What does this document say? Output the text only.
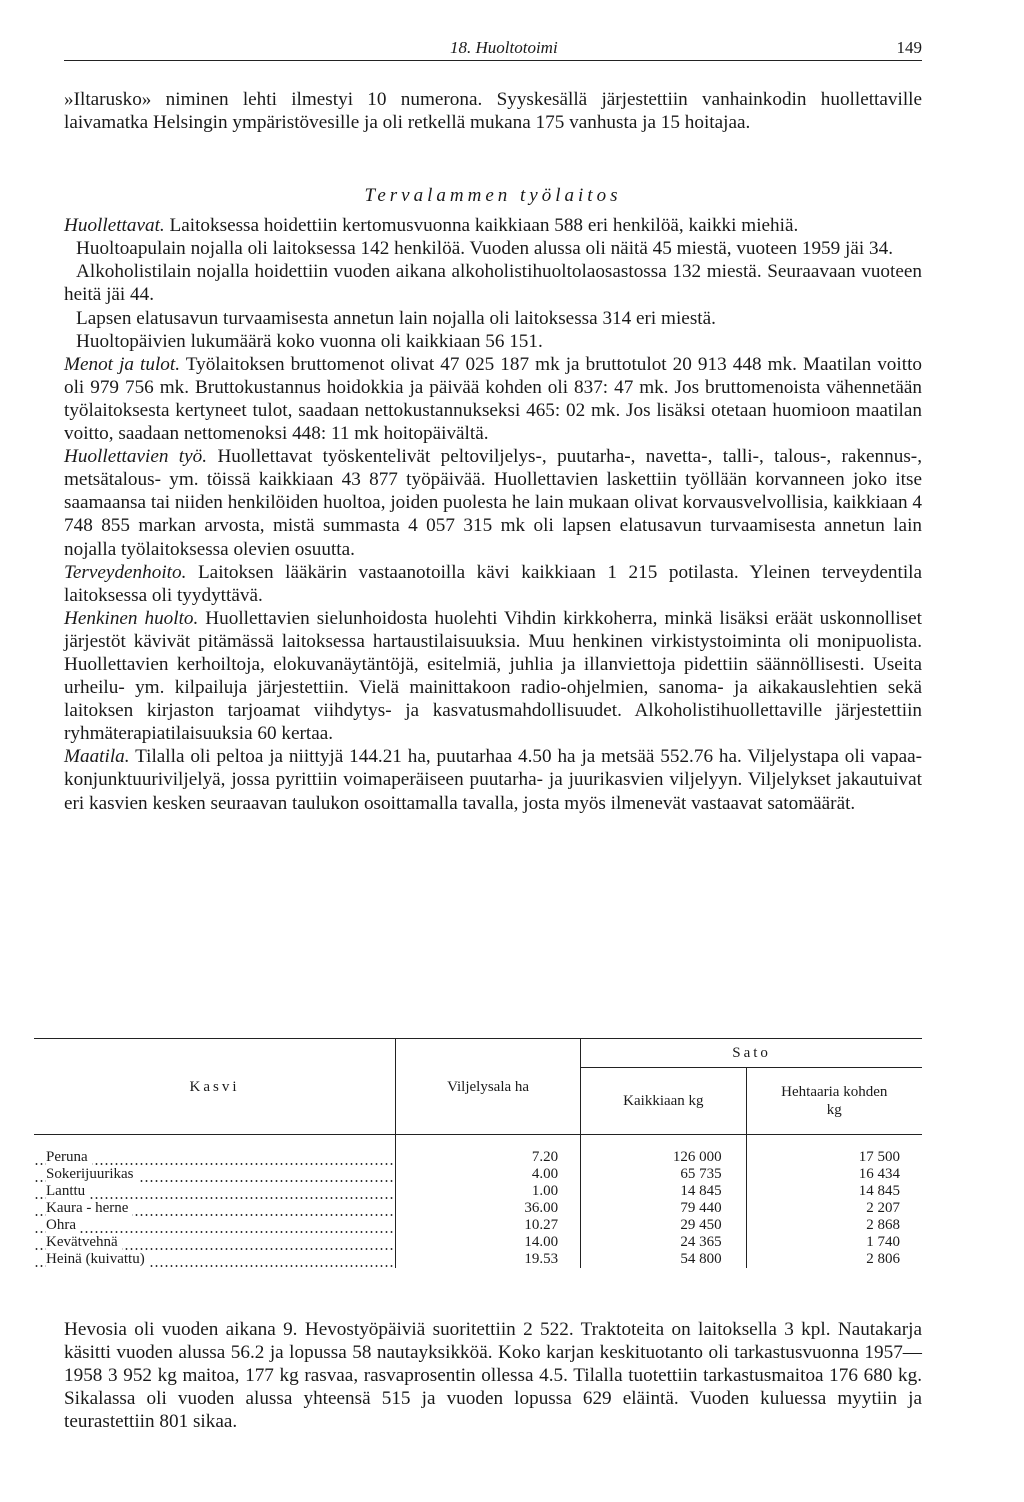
18. Huoltotoimi	149

»Iltarusko» niminen lehti ilmestyi 10 numerona. Syyskesällä järjestettiin vanhainkodin huollettaville laivamatka Helsingin ympäristövesille ja oli retkellä mukana 175 vanhusta ja 15 hoitajaa.

Tervalammen työlaitos

Huollettavat. Laitoksessa hoidettiin kertomusvuonna kaikkiaan 588 eri henkilöä, kaikki miehiä.

Huoltoapulain nojalla oli laitoksessa 142 henkilöä. Vuoden alussa oli näitä 45 miestä, vuoteen 1959 jäi 34.

Alkoholistilain nojalla hoidettiin vuoden aikana alkoholistihuoltolaosastossa 132 miestä. Seuraavaan vuoteen heitä jäi 44.

Lapsen elatusavun turvaamisesta annetun lain nojalla oli laitoksessa 314 eri miestä.

Huoltopäivien lukumäärä koko vuonna oli kaikkiaan 56 151.

Menot ja tulot. Työlaitoksen bruttomenot olivat 47 025 187 mk ja bruttotulot 20 913 448 mk. Maatilan voitto oli 979 756 mk. Bruttokustannus hoidokkia ja päivää kohden oli 837: 47 mk. Jos bruttomenoista vähennetään työlaitoksesta kertyneet tulot, saadaan nettokustannukseksi 465: 02 mk. Jos lisäksi otetaan huomioon maatilan voitto, saadaan nettomenoksi 448: 11 mk hoitopäivältä.

Huollettavien työ. Huollettavat työskentelivät peltoviljelys-, puutarha-, navetta-, talli-, talous-, rakennus-, metsätalous- ym. töissä kaikkiaan 43 877 työpäivää. Huollettavien laskettiin työllään korvanneen joko itse saamaansa tai niiden henkilöiden huoltoa, joiden puolesta he lain mukaan olivat korvausvelvollisia, kaikkiaan 4 748 855 markan arvosta, mistä summasta 4 057 315 mk oli lapsen elatusavun turvaamisesta annetun lain nojalla työlaitoksessa olevien osuutta.

Terveydenhoito. Laitoksen lääkärin vastaanotoilla kävi kaikkiaan 1 215 potilasta. Yleinen terveydentila laitoksessa oli tyydyttävä.

Henkinen huolto. Huollettavien sielunhoidosta huolehti Vihdin kirkkoherra, minkä lisäksi eräät uskonnolliset järjestöt kävivät pitämässä laitoksessa hartaustilaisuuksia. Muu henkinen virkistystoiminta oli monipuolista. Huollettavien kerhoiltoja, elokuvanäytäntöjä, esitelmiä, juhlia ja illanviettoja pidettiin säännöllisesti. Useita urheilu- ym. kilpailuja järjestettiin. Vielä mainittakoon radio-ohjelmien, sanoma- ja aikakauslehtien sekä laitoksen kirjaston tarjoamat viihdytys- ja kasvatusmahdollisuudet. Alkoholistihuollettaville järjestettiin ryhmäterapiatilaisuuksia 60 kertaa.

Maatila. Tilalla oli peltoa ja niittyjä 144.21 ha, puutarhaa 4.50 ha ja metsää 552.76 ha. Viljelystapa oli vapaa-konjunktuuriviljelyä, jossa pyrittiin voimaperäiseen puutarha- ja juurikasvien viljelyyn. Viljelykset jakautuivat eri kasvien kesken seuraavan taulukon osoittamalla tavalla, josta myös ilmenevät vastaavat satomäärät.

Kasvi	Viljelysala ha	Sato	
		Kaikkiaan kg	Hehtaaria kohden kg

Peruna	7.20	126 000	17 500
Sokerijuurikas	4.00	65 735	16 434
Lanttu	1.00	14 845	14 845
Kaura - herne	36.00	79 440	2 207
Ohra	10.27	29 450	2 868
Kevätvehnä	14.00	24 365	1 740
Heinä (kuivattu)	19.53	54 800	2 806

Hevosia oli vuoden aikana 9. Hevostyöpäiviä suoritettiin 2 522. Traktoteita on laitoksella 3 kpl. Nautakarja käsitti vuoden alussa 56.2 ja lopussa 58 nautayksikköä. Koko karjan keskituotanto oli tarkastusvuonna 1957—1958 3 952 kg maitoa, 177 kg rasvaa, rasvaprosentin ollessa 4.5. Tilalla tuotettiin tarkastusmaitoa 176 680 kg. Sikalassa oli vuoden alussa yhteensä 515 ja vuoden lopussa 629 eläintä. Vuoden kuluessa myytiin ja teurastettiin 801 sikaa.
